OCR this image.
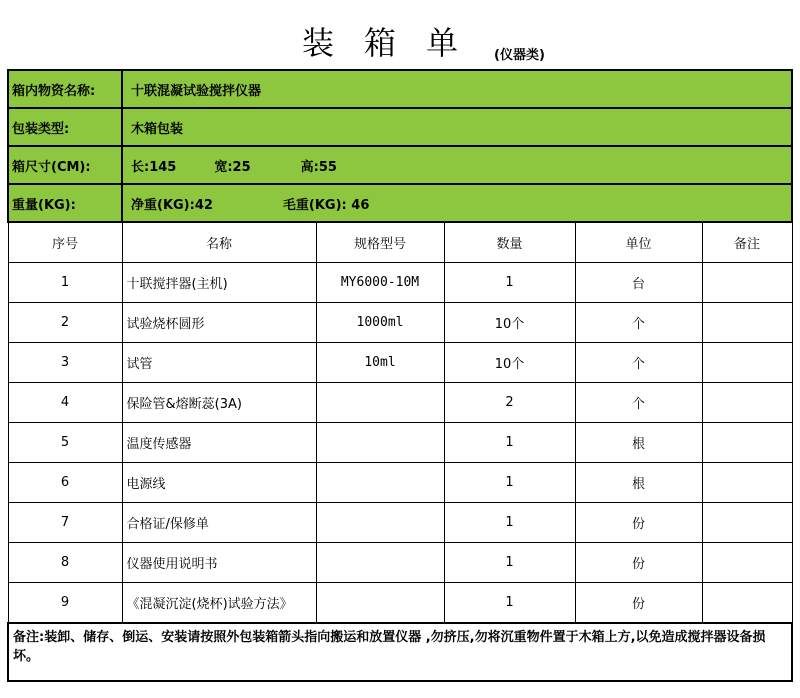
装箱单 (仪器类)
箱内物资名称:	十联混凝试验搅拌仪器				
包装类型:	木箱包装				
箱尺寸(CM):	长:145 宽:25 高:55				
重量(KG):	净重(KG):42 毛重(KG): 46				
序号	名称	规格型号	数量	单位	备注
1	十联搅拌器(主机)	MY6000-10M	1	台	
2	试验烧杯圆形	1000ml	10个	个	
3	试管	10ml	10个	个	
4	保险管&熔断蕊(3A)		2	个	
5	温度传感器		1	根	
6	电源线		1	根	
7	合格证/保修单		1	份	
8	仪器使用说明书		1	份	
9	《混凝沉淀(烧杯)试验方法》		1	份	
备注:装卸、储存、倒运、安装请按照外包装箱箭头指向搬运和放置仪器 ,勿挤压,勿将沉重物件置于木箱上方,以免造成搅拌器设备损坏。					
